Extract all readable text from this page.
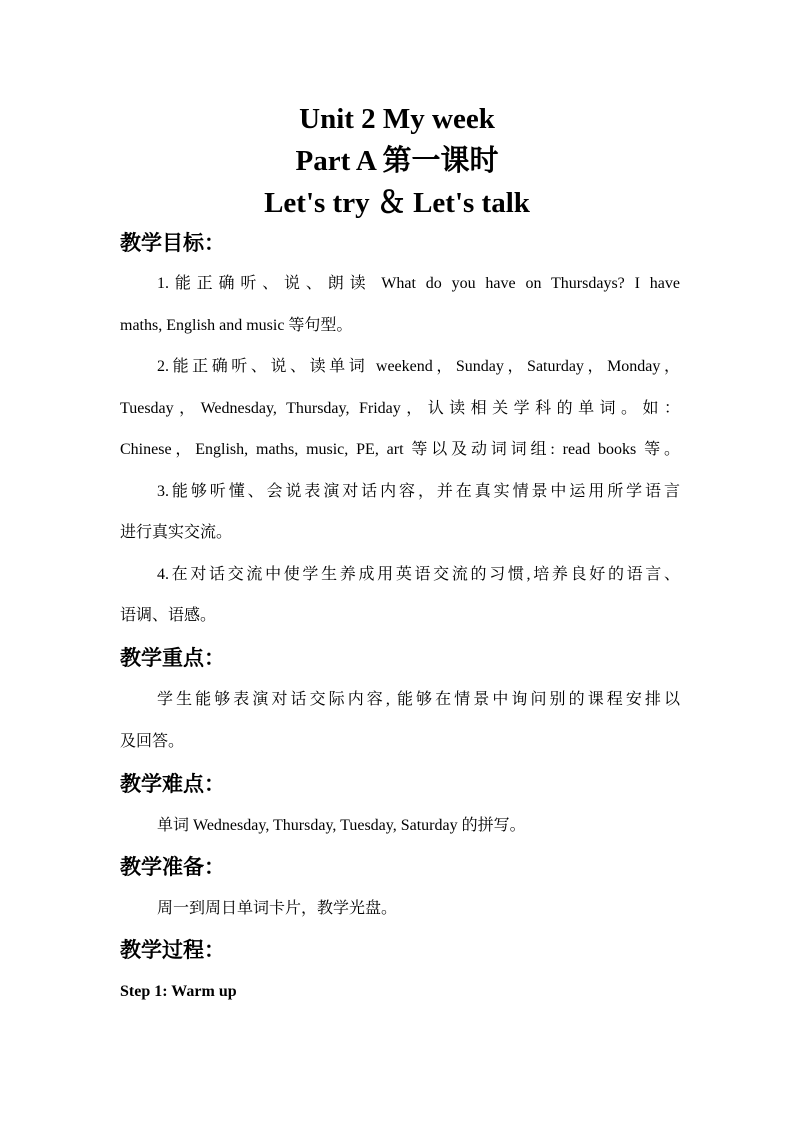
Unit 2 My week
Part A 第一课时
Let's try ＆ Let's talk
教学目标：
1.能正确听、说、朗读 What do you have on Thursdays? I have
maths, English and music 等句型。
2.能正确听、说、读单词 weekend，Sunday，Saturday，Monday，
Tuesday，Wednesday, Thursday, Friday，认读相关学科的单词。如：
Chinese，English, maths, music, PE, art 等以及动词词组: read books 等。
3.能够听懂、会说表演对话内容，并在真实情景中运用所学语言
进行真实交流。
4.在对话交流中使学生养成用英语交流的习惯,培养良好的语言、
语调、语感。
教学重点：
学生能够表演对话交际内容, 能够在情景中询问别的课程安排以
及回答。
教学难点：
单词 Wednesday, Thursday, Tuesday, Saturday 的拼写。
教学准备：
周一到周日单词卡片，教学光盘。
教学过程：
Step 1: Warm up
